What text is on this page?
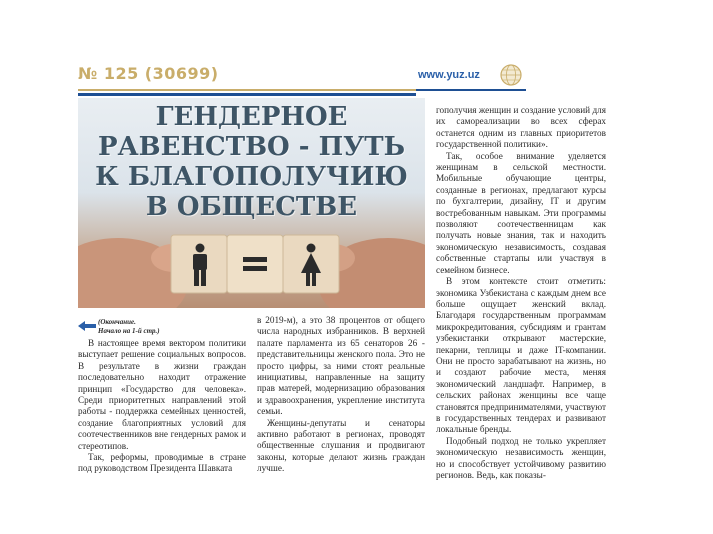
№ 125 (30699)	www.yuz.uz
ГЕНДЕРНОЕ
РАВЕНСТВО - ПУТЬ
К БЛАГОПОЛУЧИЮ
В ОБЩЕСТВЕ
(Окончание.
Начало на 1-й стр.)

В настоящее время вектором политики выступает решение социальных вопросов. В результате в жизни граждан последовательно находит отражение принцип «Государство для человека». Среди приоритетных направлений этой работы - поддержка семейных ценностей, создание благоприятных условий для соотечественников вне гендерных рамок и стереотипов.

Так, реформы, проводимые в стране под руководством Президента Шавката

в 2019-м), а это 38 процентов от общего числа народных избранников. В верхней палате парламента из 65 сенаторов 26 - представительницы женского пола. Это не просто цифры, за ними стоят реальные инициативы, направленные на защиту прав матерей, модернизацию образования и здравоохранения, укрепление института семьи.

Женщины-депутаты и сенаторы активно работают в регионах, проводят общественные слушания и продвигают законы, которые делают жизнь граждан лучше.

гополучия женщин и создание условий для их самореализации во всех сферах останется одним из главных приоритетов государственной политики».

Так, особое внимание уделяется женщинам в сельской местности. Мобильные обучающие центры, созданные в регионах, предлагают курсы по бухгалтерии, дизайну, IT и другим востребованным навыкам. Эти программы позволяют соотечественницам как получать новые знания, так и находить экономическую независимость, создавая собственные стартапы или участвуя в семейном бизнесе.

В этом контексте стоит отметить: экономика Узбекистана с каждым днем все больше ощущает женский вклад. Благодаря государственным программам микрокредитования, субсидиям и грантам узбекистанки открывают мастерские, пекарни, теплицы и даже IT-компании. Они не просто зарабатывают на жизнь, но и создают рабочие места, меняя экономический ландшафт. Например, в сельских районах женщины все чаще становятся предпринимателями, участвуют в государственных тендерах и развивают локальные бренды.

Подобный подход не только укрепляет экономическую независимость женщин, но и способствует устойчивому развитию регионов. Ведь, как показы-
